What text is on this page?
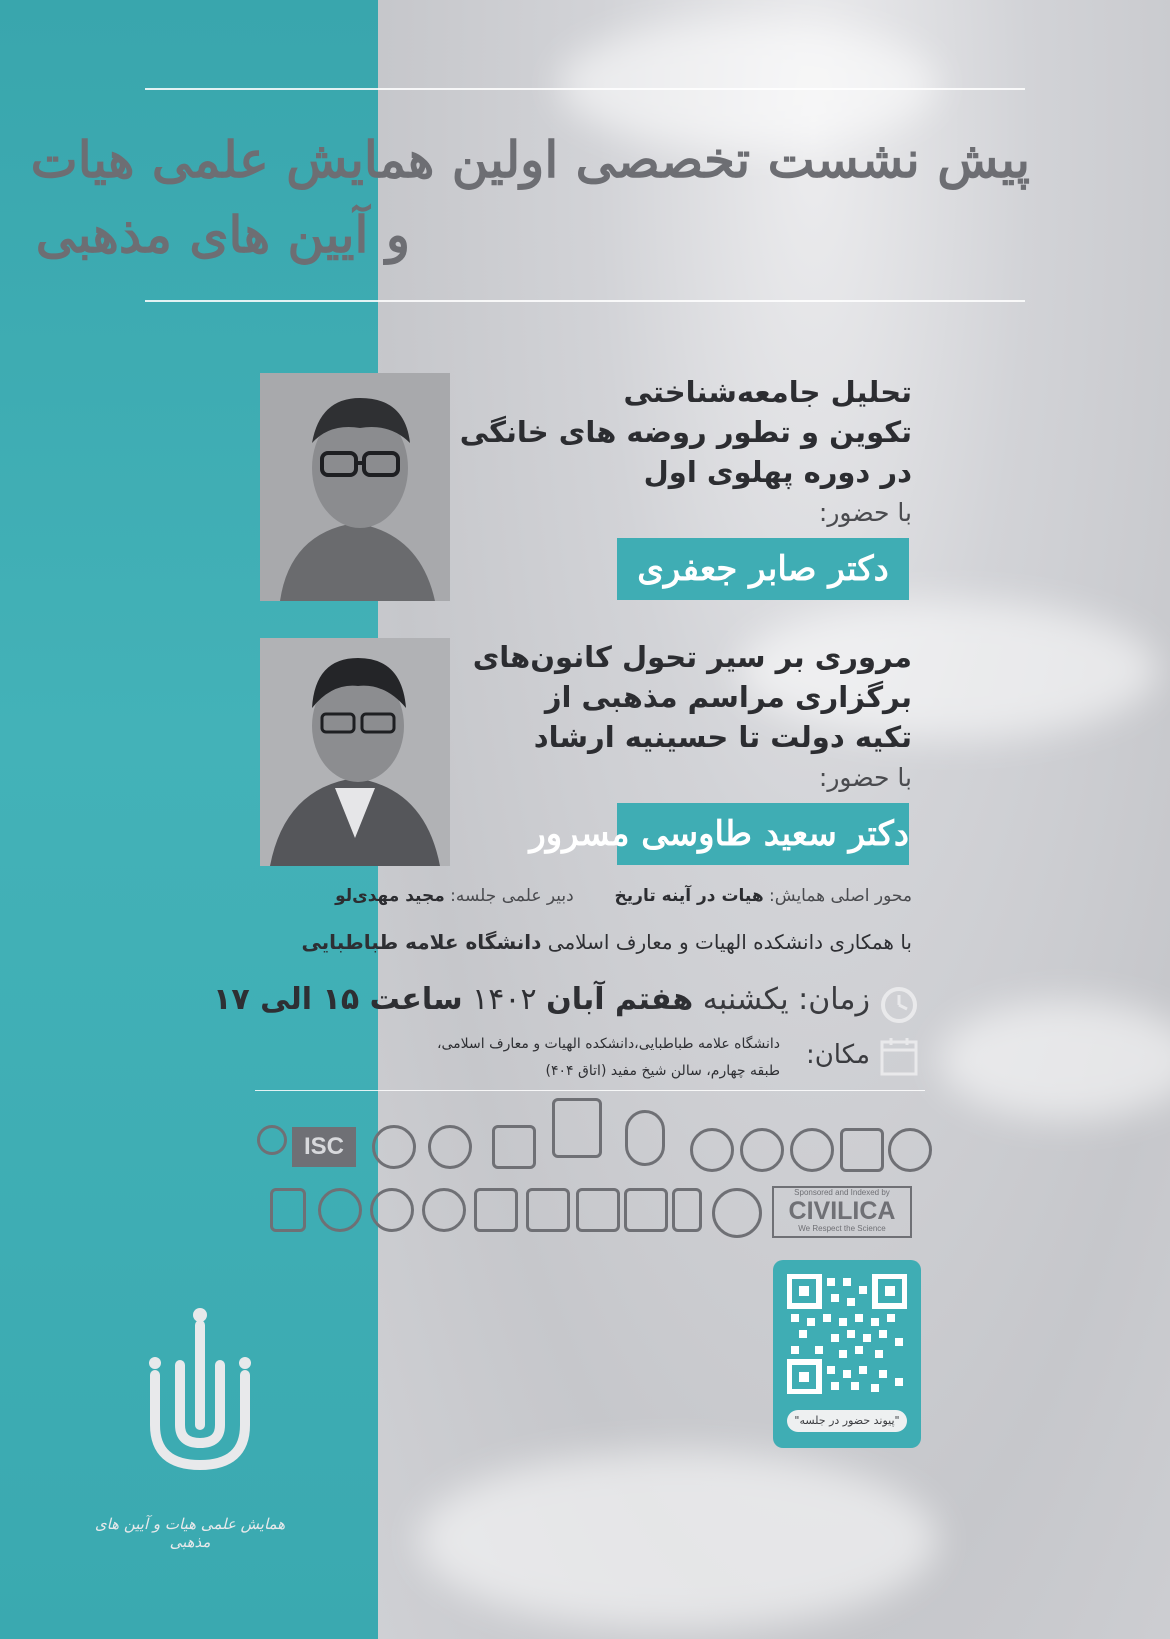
پیش نشست تخصصی اولین همایش علمی هیات
و آیین های مذهبی
تحلیل جامعه‌شناختی
تکوین و تطور روضه های خانگی
در دوره پهلوی اول
با حضور:
دکتر صابر جعفری
مروری بر سیر تحول کانون‌های
برگزاری مراسم مذهبی از
تکیه دولت تا حسینیه ارشاد
با حضور:
دکتر سعید طاوسی مسرور
محور اصلی همایش: هیات در آینه تاریخ  دبیر علمی جلسه: مجید مهدی‌لو
با همکاری دانشکده الهیات و معارف اسلامی دانشگاه علامه طباطبایی
زمان: یکشنبه هفتم آبان ۱۴۰۲ ساعت ۱۵ الی ۱۷
مکان:
دانشگاه علامه طباطبایی،دانشکده الهیات و معارف اسلامی،
طبقه چهارم، سالن شیخ مفید (اتاق ۴۰۴)
ISC
Sponsored and Indexed by
CIVILICA
We Respect the Science
"پیوند حضور در جلسه"
همایش علمی هیات و آیین های مذهبی
